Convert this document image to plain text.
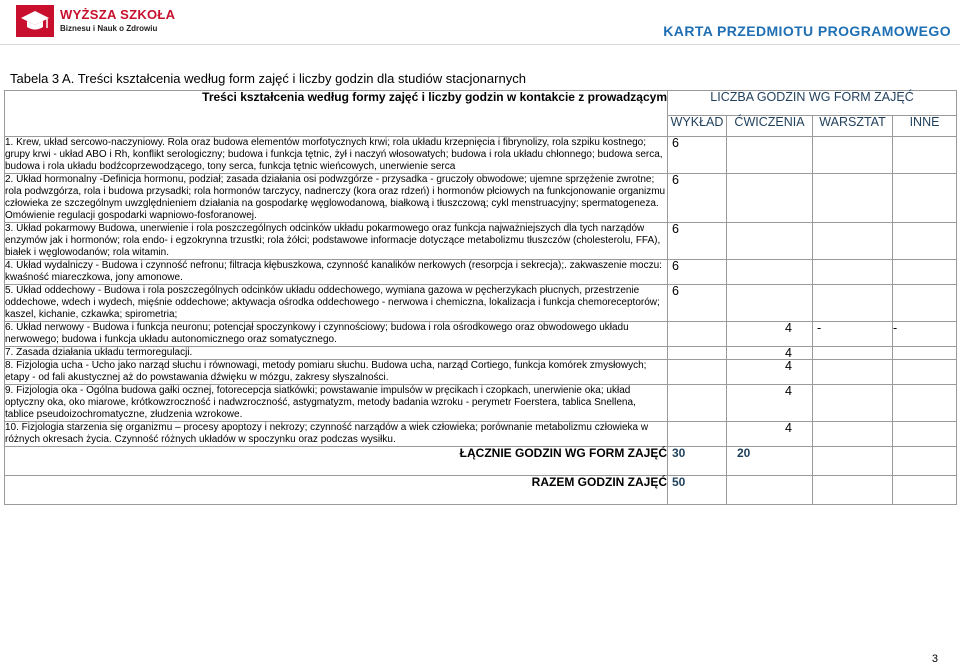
WYŻSZA SZKOŁA
Biznesu i Nauk o Zdrowiu	KARTA PRZEDMIOTU PROGRAMOWEGO
Tabela 3 A. Treści kształcenia według form zajęć i liczby godzin dla studiów stacjonarnych
Treści kształcenia według formy zajęć i liczby godzin w kontakcie z prowadzącym	LICZBA GODZIN WG FORM ZAJĘĆ			
	WYKŁAD	ĆWICZENIA	WARSZTAT	INNE
1. Krew, układ sercowo-naczyniowy. Rola oraz budowa elementów morfotycznych krwi; rola układu krzepnięcia i fibrynolizy, rola szpiku kostnego; grupy krwi - układ ABO i Rh, konflikt serologiczny; budowa i funkcja tętnic, żył i naczyń włosowatych; budowa i rola układu chłonnego; budowa serca, budowa i rola układu bodźcoprzewodzącego, tony serca, funkcja tętnic wieńcowych, unerwienie serca	6			

2. Układ hormonalny -Definicja hormonu, podział; zasada działania osi podwzgórze - przysadka - gruczoły obwodowe; ujemne sprzężenie zwrotne; rola podwzgórza, rola i budowa przysadki; rola hormonów tarczycy, nadnerczy (kora oraz rdzeń) i hormonów płciowych na funkcjonowanie organizmu człowieka ze szczególnym uwzględnieniem działania na gospodarkę węglowodanową, białkową i tłuszczową; cykl menstruacyjny; spermatogeneza. Omówienie regulacji gospodarki wapniowo-fosforanowej.	6			

3. Układ pokarmowy Budowa, unerwienie i rola poszczególnych odcinków układu pokarmowego oraz funkcja najważniejszych dla tych narządów enzymów jak i hormonów; rola endo- i egzokrynna trzustki; rola żółci; podstawowe informacje dotyczące metabolizmu tłuszczów (cholesterolu, FFA), białek i węglowodanów; rola witamin.	6			

4. Układ wydalniczy - Budowa i czynność nefronu; filtracja kłębuszkowa, czynność kanalików nerkowych (resorpcja i sekrecja);. zakwaszenie moczu: kwaśność miareczkowa, jony amonowe.	6			

5. Układ oddechowy - Budowa i rola poszczególnych odcinków układu oddechowego, wymiana gazowa w pęcherzykach płucnych, przestrzenie oddechowe, wdech i wydech, mięśnie oddechowe; aktywacja ośrodka oddechowego - nerwowa i chemiczna, lokalizacja i funkcja chemoreceptorów; kaszel, kichanie, czkawka; spirometria;	6			

6. Układ nerwowy - Budowa i funkcja neuronu; potencjał spoczynkowy i czynnościowy; budowa i rola ośrodkowego oraz obwodowego układu nerwowego; budowa i funkcja układu autonomicznego oraz somatycznego.		4	-	-

7. Zasada działania układu termoregulacji.		4		

8. Fizjologia ucha - Ucho jako narząd słuchu i równowagi, metody pomiaru słuchu. Budowa ucha, narząd Cortiego, funkcja komórek zmysłowych; etapy - od fali akustycznej aż do powstawania dźwięku w mózgu, zakresy słyszalności.		4		

9. Fizjologia oka - Ogólna budowa gałki ocznej, fotorecepcja siatkówki; powstawanie impulsów w pręcikach i czopkach, unerwienie oka; układ optyczny oka, oko miarowe, krótkowzroczność i nadwzroczność, astygmatyzm, metody badania wzroku - perymetr Foerstera, tablica Snellena, tablice pseudoizochromatyczne, złudzenia wzrokowe.		4		

10. Fizjologia starzenia się organizmu – procesy apoptozy i nekrozy; czynność narządów a wiek człowieka; porównanie metabolizmu człowieka w różnych okresach życia. Czynność różnych układów w spoczynku oraz podczas wysiłku.		4		

ŁĄCZNIE GODZIN WG FORM ZAJĘĆ	30	20		

RAZEM GODZIN ZAJĘĆ	50			

3
